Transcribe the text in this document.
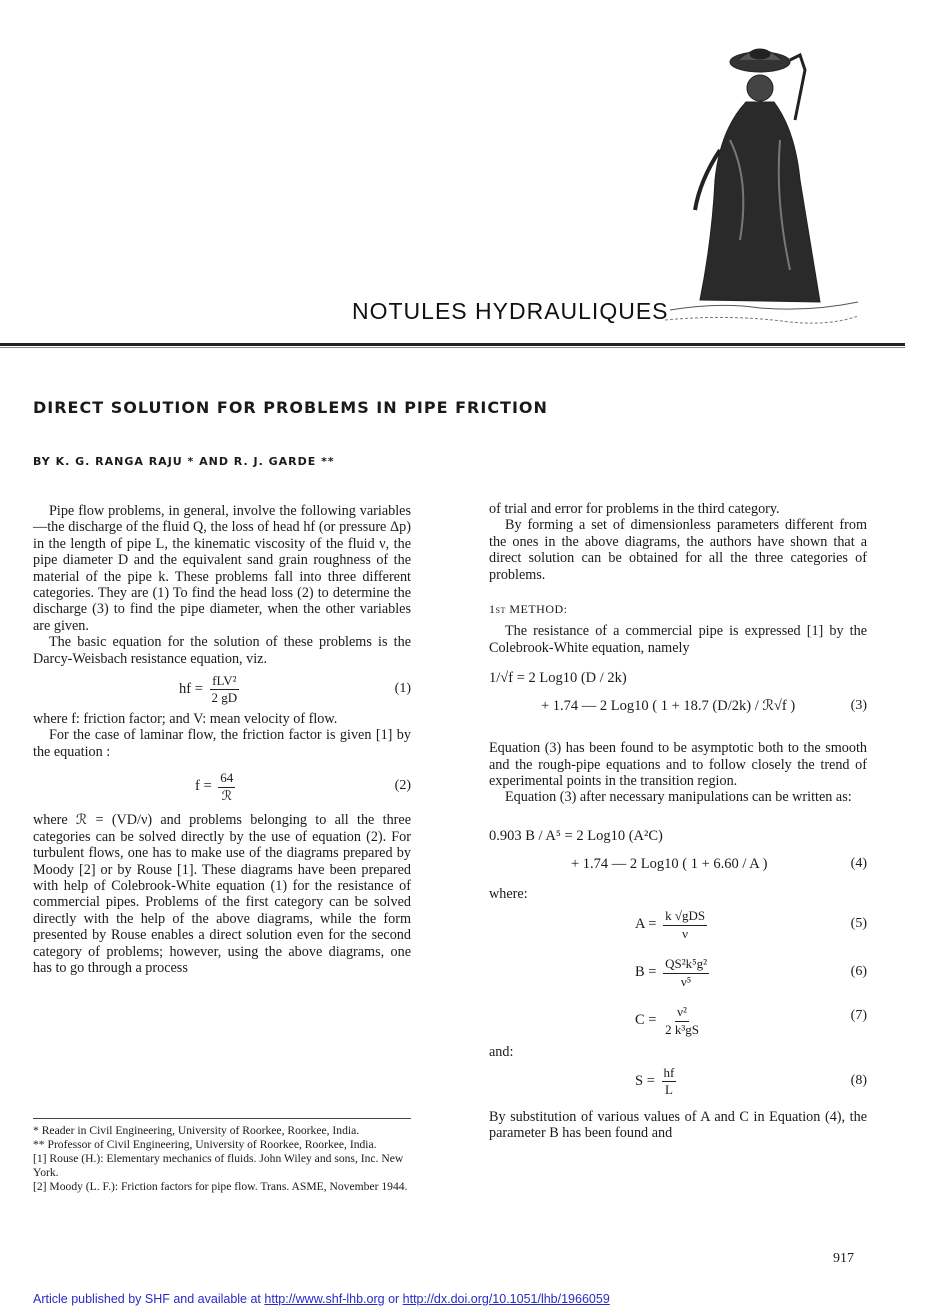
NOTULES HYDRAULIQUES
DIRECT SOLUTION FOR PROBLEMS IN PIPE FRICTION
BY K. G. RANGA RAJU * AND R. J. GARDE **

Pipe flow problems, in general, involve the following variables—the discharge of the fluid Q, the loss of head hf (or pressure Δp) in the length of pipe L, the kinematic viscosity of the fluid ν, the pipe diameter D and the equivalent sand grain roughness of the material of the pipe k. These problems fall into three different categories. They are (1) To find the head loss (2) to determine the discharge (3) to find the pipe diameter, when the other variables are given.

The basic equation for the solution of these problems is the Darcy-Weisbach resistance equation, viz.

hf = $\frac{\text{fLV²}}{2 gD}$	(1)

where f: friction factor; and V: mean velocity of flow.

For the case of laminar flow, the friction factor is given [1] by the equation :

$f = \frac{64}{\text{ℛ}}$	(2)

where ℛ = (VD/ν) and problems belonging to all the three categories can be solved directly by the use of equation (2). For turbulent flows, one has to make use of the diagrams prepared by Moody [2] or by Rouse [1]. These diagrams have been prepared with help of Colebrook-White equation (1) for the resistance of commercial pipes. Problems of the first category can be solved directly with the help of the above diagrams, while the form presented by Rouse enables a direct solution even for the second category of problems; however, using the above diagrams, one has to go through a process

* Reader in Civil Engineering, University of Roorkee, Roorkee, India.
** Professor of Civil Engineering, University of Roorkee, Roorkee, India.
[1] Rouse (H.): Elementary mechanics of fluids. John Wiley and sons, Inc. New York.
[2] Moody (L. F.): Friction factors for pipe flow. Trans. ASME, November 1944.

of trial and error for problems in the third category.

By forming a set of dimensionless parameters different from the ones in the above diagrams, the authors have shown that a direct solution can be obtained for all the three categories of problems.

1st METHOD:

The resistance of a commercial pipe is expressed [1] by the Colebrook-White equation, namely

1/√f = 2 Log10 (D / 2k)
+ 1.74 — 2 Log10 ( 1 + 18.7 (D/2k) / ℛ√f )	(3)

Equation (3) has been found to be asymptotic both to the smooth and the rough-pipe equations and to follow closely the trend of experimental points in the transition region.

Equation (3) after necessary manipulations can be written as:

0.903 B / A⁵ = 2 Log10 (A²C)
+ 1.74 — 2 Log10 ( 1 + 6.60 / A )	(4)

where:

$A = \frac{\text{k √gDS}}{\nu}$	(5)
$B = \frac{\text{QS²k⁵g²}}{\text{ν⁵}}$	(6)
$C = \frac{\text{ν²}}{\text{2 k³gS}}$	(7)

and:

$S = \frac{hf}{L}$	(8)

By substitution of various values of A and C in Equation (4), the parameter B has been found and

917
Article published by SHF and available at http://www.shf-lhb.org or http://dx.doi.org/10.1051/lhb/1966059
